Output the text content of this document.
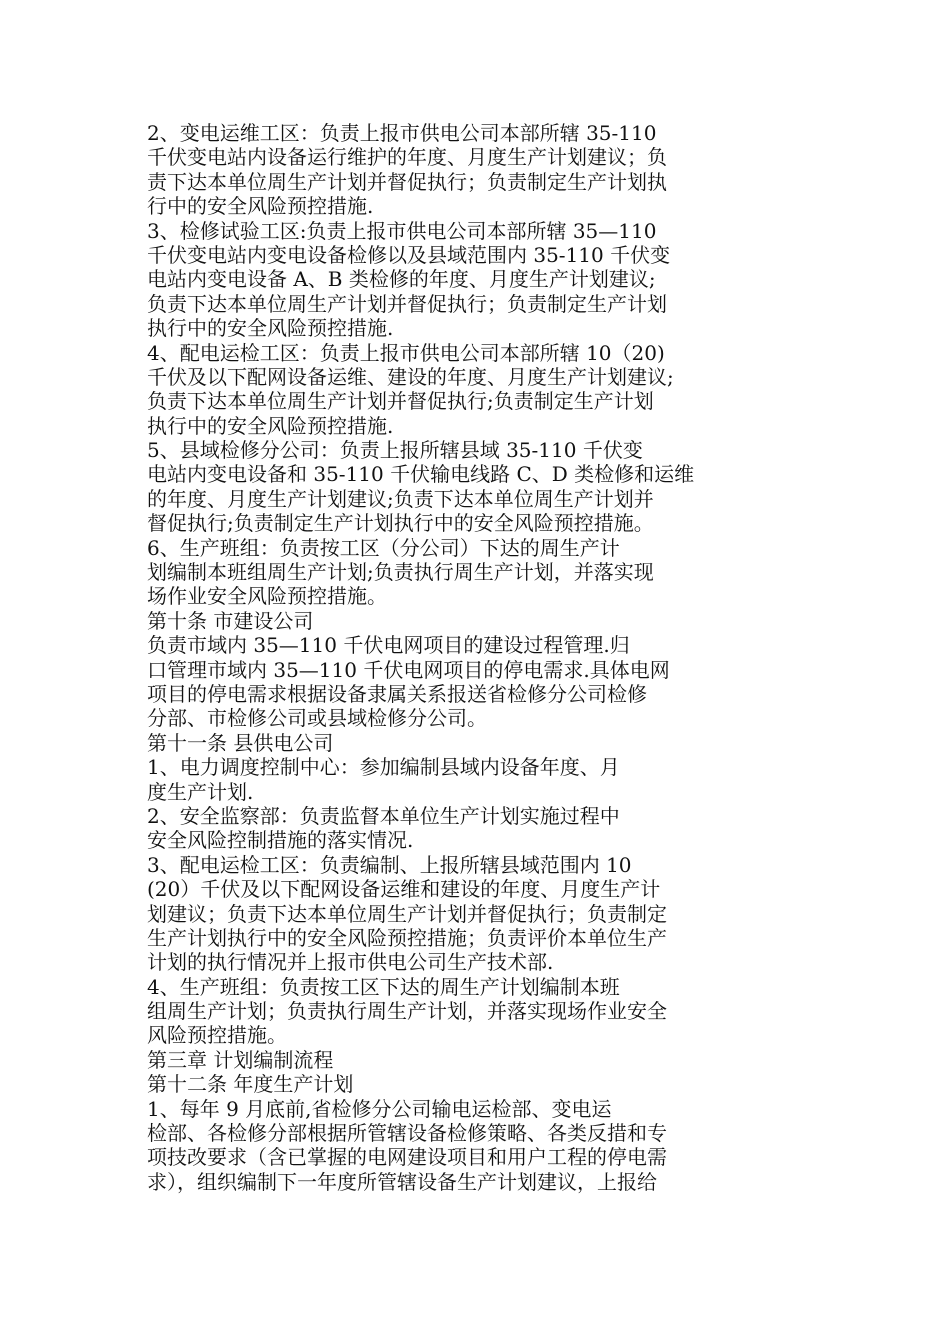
2、变电运维工区：负责上报市供电公司本部所辖 35-110
千伏变电站内设备运行维护的年度、月度生产计划建议；负
责下达本单位周生产计划并督促执行；负责制定生产计划执
行中的安全风险预控措施.
3、检修试验工区:负责上报市供电公司本部所辖 35—110
千伏变电站内变电设备检修以及县域范围内 35-110 千伏变
电站内变电设备 A、B 类检修的年度、月度生产计划建议;
负责下达本单位周生产计划并督促执行；负责制定生产计划
执行中的安全风险预控措施.
4、配电运检工区：负责上报市供电公司本部所辖 10（20)
千伏及以下配网设备运维、建设的年度、月度生产计划建议;
负责下达本单位周生产计划并督促执行;负责制定生产计划
执行中的安全风险预控措施.
5、县域检修分公司：负责上报所辖县域 35-110 千伏变
电站内变电设备和 35-110 千伏输电线路 C、D 类检修和运维
的年度、月度生产计划建议;负责下达本单位周生产计划并
督促执行;负责制定生产计划执行中的安全风险预控措施。
6、生产班组：负责按工区（分公司）下达的周生产计
划编制本班组周生产计划;负责执行周生产计划，并落实现
场作业安全风险预控措施。
第十条 市建设公司
负责市域内 35—110 千伏电网项目的建设过程管理.归
口管理市域内 35—110 千伏电网项目的停电需求.具体电网
项目的停电需求根据设备隶属关系报送省检修分公司检修
分部、市检修公司或县域检修分公司。
第十一条 县供电公司
1、电力调度控制中心：参加编制县域内设备年度、月
度生产计划.
2、安全监察部：负责监督本单位生产计划实施过程中
安全风险控制措施的落实情况.
3、配电运检工区：负责编制、上报所辖县域范围内 10
(20）千伏及以下配网设备运维和建设的年度、月度生产计
划建议；负责下达本单位周生产计划并督促执行；负责制定
生产计划执行中的安全风险预控措施；负责评价本单位生产
计划的执行情况并上报市供电公司生产技术部.
4、生产班组：负责按工区下达的周生产计划编制本班
组周生产计划；负责执行周生产计划，并落实现场作业安全
风险预控措施。
第三章 计划编制流程
第十二条 年度生产计划
1、每年 9 月底前,省检修分公司输电运检部、变电运
检部、各检修分部根据所管辖设备检修策略、各类反措和专
项技改要求（含已掌握的电网建设项目和用户工程的停电需
求），组织编制下一年度所管辖设备生产计划建议，上报给
